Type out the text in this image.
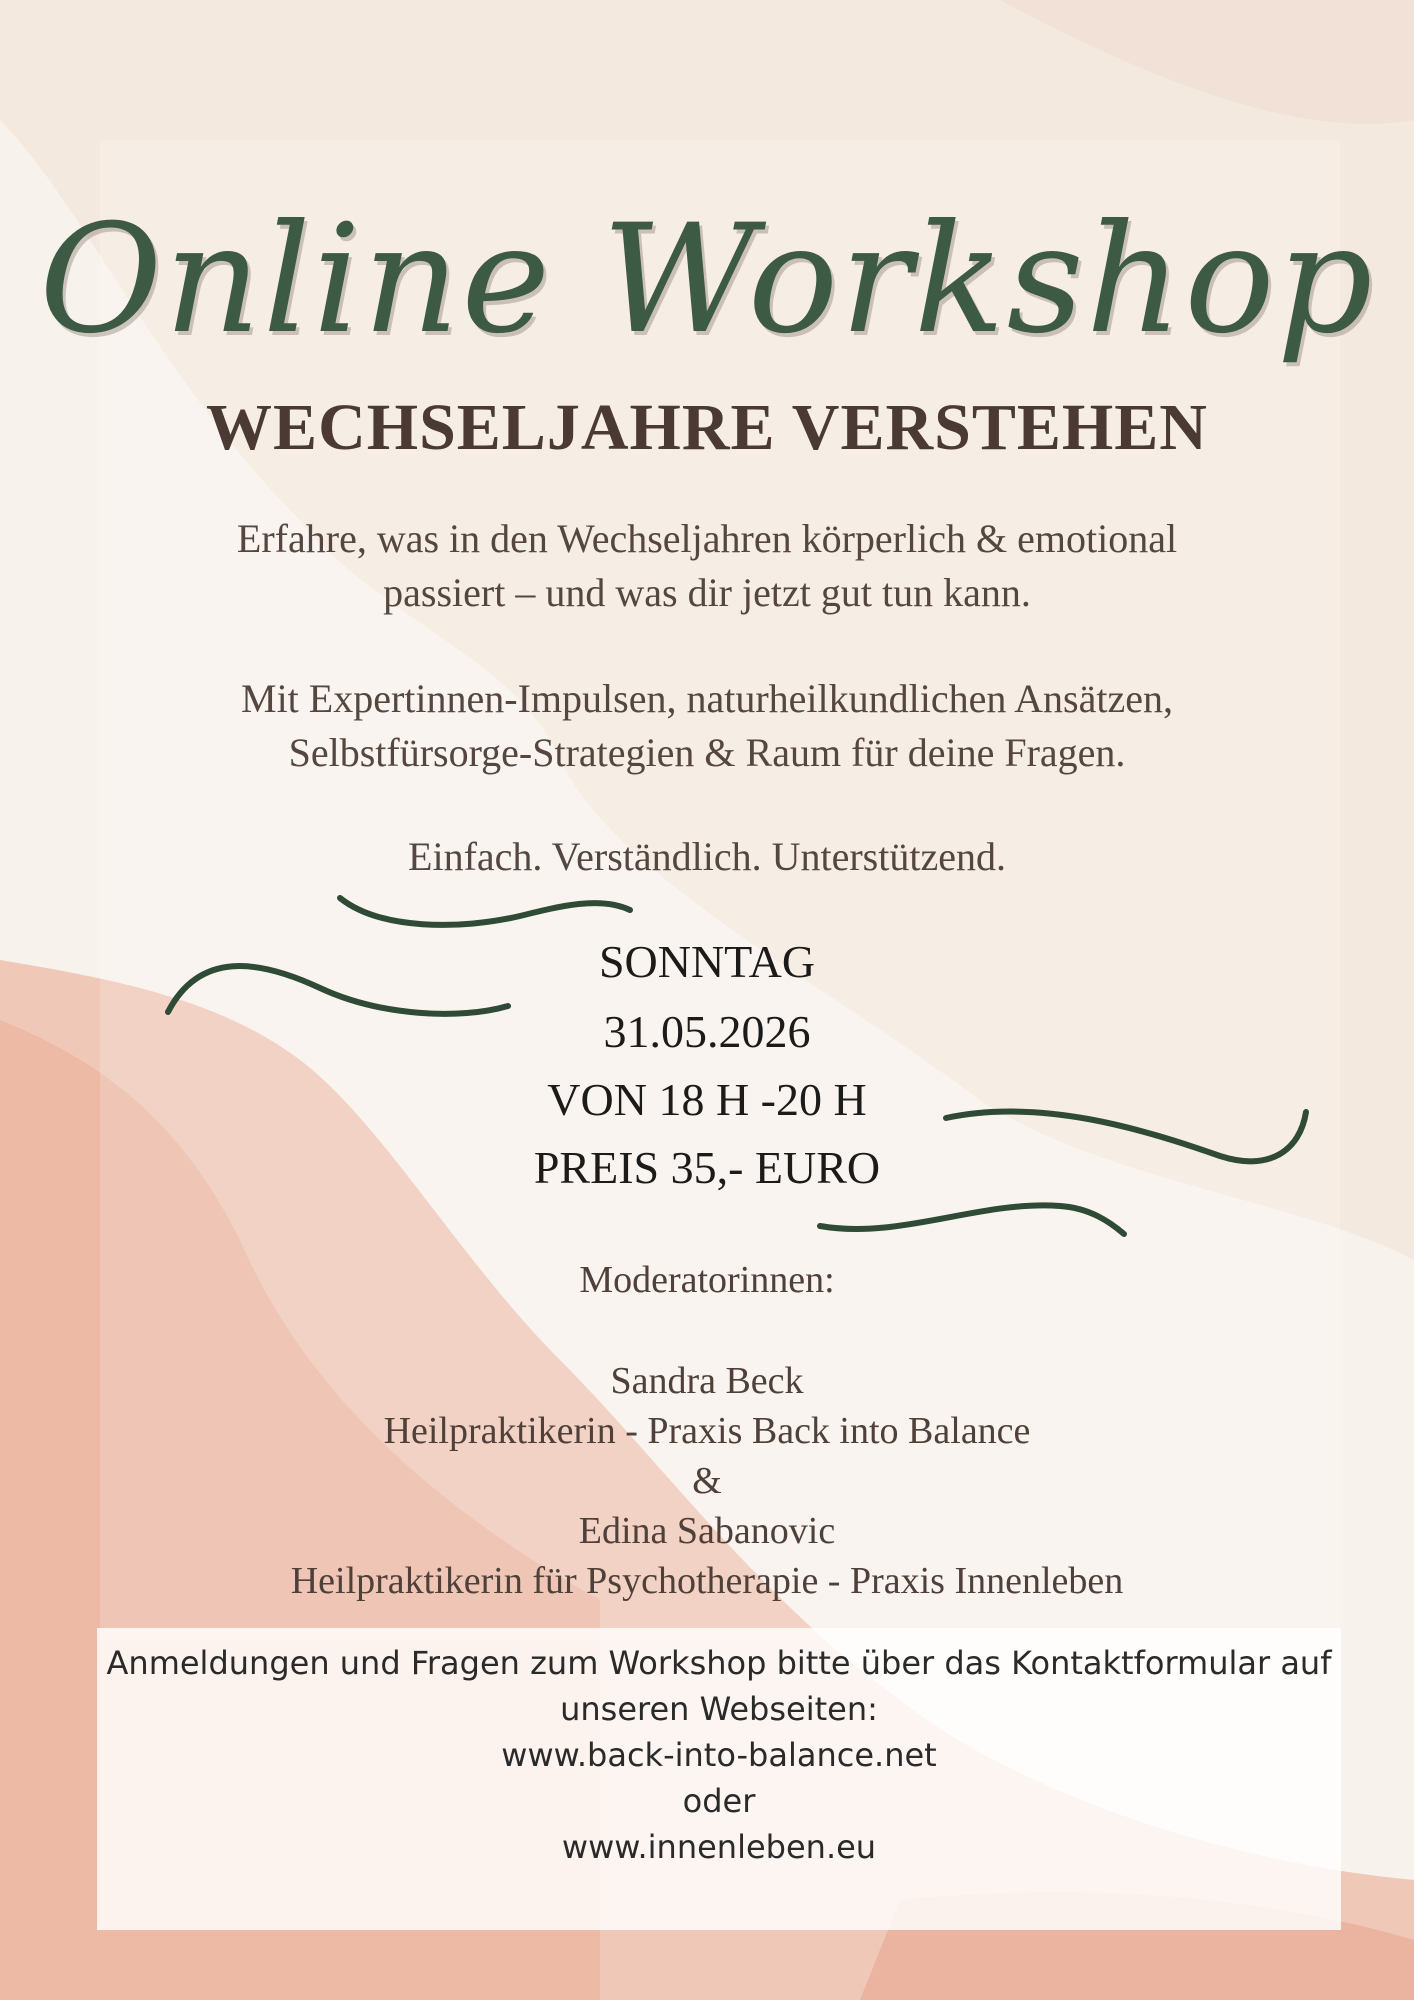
Online Workshop
WECHSELJAHRE VERSTEHEN
Erfahre, was in den Wechseljahren körperlich & emotional
passiert – und was dir jetzt gut tun kann.
Mit Expertinnen-Impulsen, naturheilkundlichen Ansätzen,
Selbstfürsorge-Strategien & Raum für deine Fragen.
Einfach. Verständlich. Unterstützend.
SONNTAG
31.05.2026
VON 18 H -20 H
PREIS 35,- EURO
Moderatorinnen:
Sandra Beck
Heilpraktikerin - Praxis Back into Balance
&
Edina Sabanovic
Heilpraktikerin für Psychotherapie - Praxis Innenleben
Anmeldungen und Fragen zum Workshop bitte über das Kontaktformular auf
unseren Webseiten:
www.back-into-balance.net
oder
www.innenleben.eu
